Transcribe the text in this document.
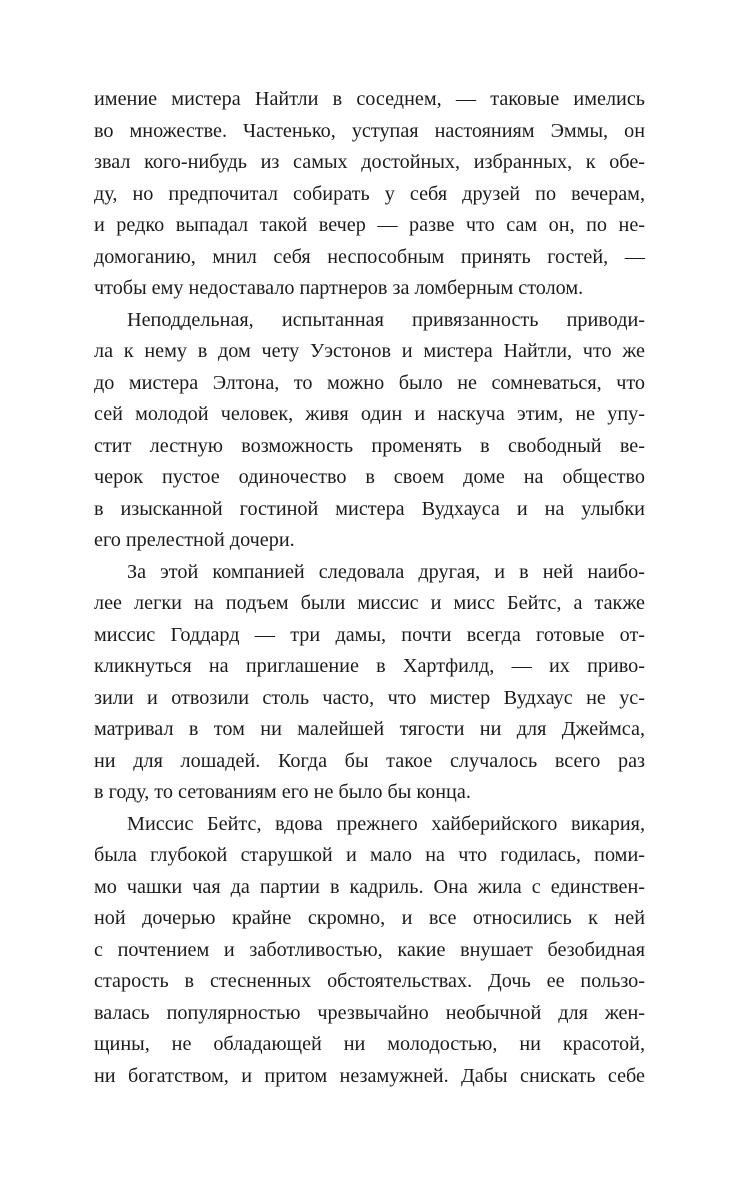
имение мистера Найтли в соседнем, — таковые имелись
во множестве. Частенько, уступая настояниям Эммы, он
звал кого-нибудь из самых достойных, избранных, к обе-
ду, но предпочитал собирать у себя друзей по вечерам,
и редко выпадал такой вечер — разве что сам он, по не-
домоганию, мнил себя неспособным принять гостей, —
чтобы ему недоставало партнеров за ломберным столом.
Неподдельная, испытанная привязанность приводи-
ла к нему в дом чету Уэстонов и мистера Найтли, что же
до мистера Элтона, то можно было не сомневаться, что
сей молодой человек, живя один и наскуча этим, не упу-
стит лестную возможность променять в свободный ве-
черок пустое одиночество в своем доме на общество
в изысканной гостиной мистера Вудхауса и на улыбки
его прелестной дочери.
За этой компанией следовала другая, и в ней наибо-
лее легки на подъем были миссис и мисс Бейтс, а также
миссис Годдард — три дамы, почти всегда готовые от-
кликнуться на приглашение в Хартфилд, — их приво-
зили и отвозили столь часто, что мистер Вудхаус не ус-
матривал в том ни малейшей тягости ни для Джеймса,
ни для лошадей. Когда бы такое случалось всего раз
в году, то сетованиям его не было бы конца.
Миссис Бейтс, вдова прежнего хайберийского викария,
была глубокой старушкой и мало на что годилась, поми-
мо чашки чая да партии в кадриль. Она жила с единствен-
ной дочерью крайне скромно, и все относились к ней
с почтением и заботливостью, какие внушает безобидная
старость в стесненных обстоятельствах. Дочь ее пользо-
валась популярностью чрезвычайно необычной для жен-
щины, не обладающей ни молодостью, ни красотой,
ни богатством, и притом незамужней. Дабы снискать себе
